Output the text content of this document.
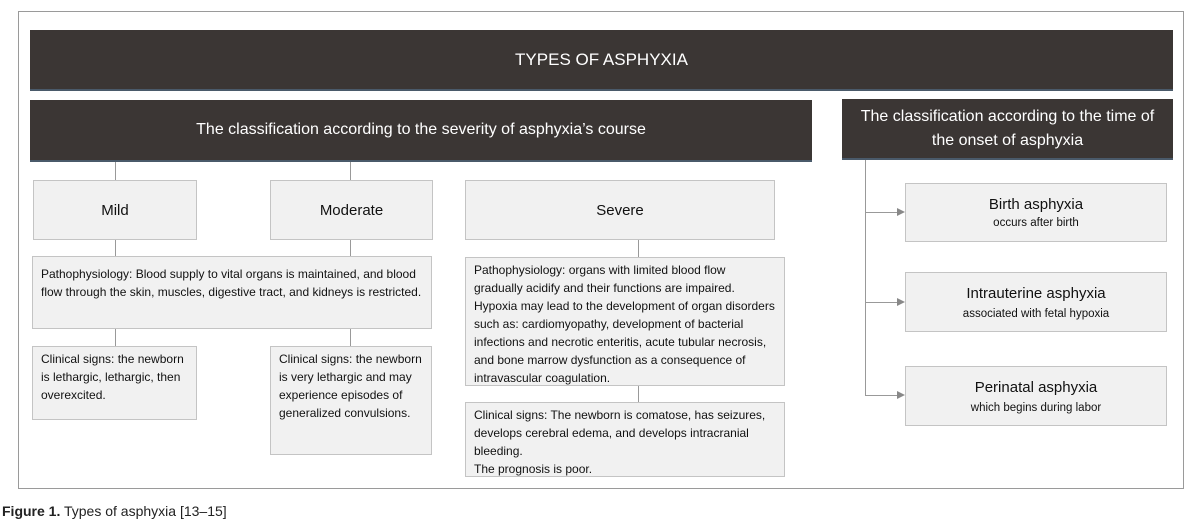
TYPES OF ASPHYXIA
The classification according to the severity of asphyxia’s course
The classification according to the time of the onset of asphyxia
Mild	Moderate	Severe
Pathophysiology: Blood supply to vital organs is maintained, and blood flow through the skin, muscles, digestive tract, and kidneys is restricted.
Pathophysiology: organs with limited blood flow gradually acidify and their functions are impaired. Hypoxia may lead to the development of organ disorders such as: cardiomyopathy, development of bacterial infections and necrotic enteritis, acute tubular necrosis, and bone marrow dysfunction as a consequence of intravascular coagulation.
Clinical signs: the newborn is lethargic, lethargic, then overexcited.
Clinical signs: the newborn is very lethargic and may experience episodes of generalized convulsions.	Clinical signs: The newborn is comatose, has seizures, develops cerebral edema, and develops intracranial bleeding.
The prognosis is poor.
Birth asphyxia
occurs after birth
Intrauterine asphyxia
associated with fetal hypoxia
Perinatal asphyxia
which begins during labor
Figure 1. Types of asphyxia [13–15]
